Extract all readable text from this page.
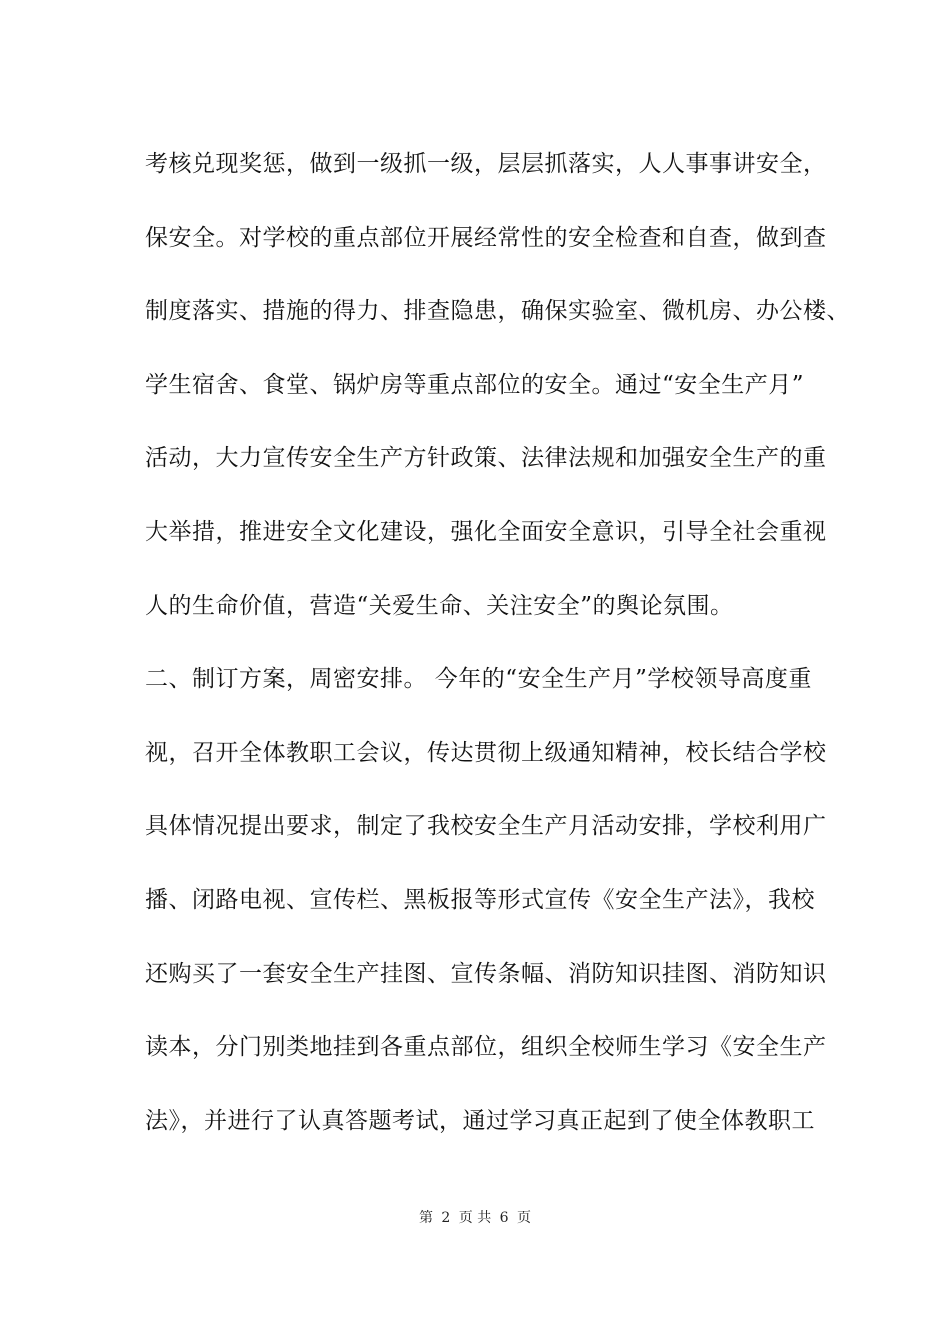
考核兑现奖惩，做到一级抓一级，层层抓落实，人人事事讲安全，
保安全。对学校的重点部位开展经常性的安全检查和自查，做到查
制度落实、措施的得力、排查隐患，确保实验室、微机房、办公楼、
学生宿舍、食堂、锅炉房等重点部位的安全。通过“安全生产月”
活动，大力宣传安全生产方针政策、法律法规和加强安全生产的重
大举措，推进安全文化建设，强化全面安全意识，引导全社会重视
人的生命价值，营造“关爱生命、关注安全”的舆论氛围。
二、制订方案，周密安排。 今年的“安全生产月”学校领导高度重
视，召开全体教职工会议，传达贯彻上级通知精神，校长结合学校
具体情况提出要求，制定了我校安全生产月活动安排，学校利用广
播、闭路电视、宣传栏、黑板报等形式宣传《安全生产法》，我校
还购买了一套安全生产挂图、宣传条幅、消防知识挂图、消防知识
读本，分门别类地挂到各重点部位，组织全校师生学习《安全生产
法》，并进行了认真答题考试，通过学习真正起到了使全体教职工
第 2 页 共 6 页
